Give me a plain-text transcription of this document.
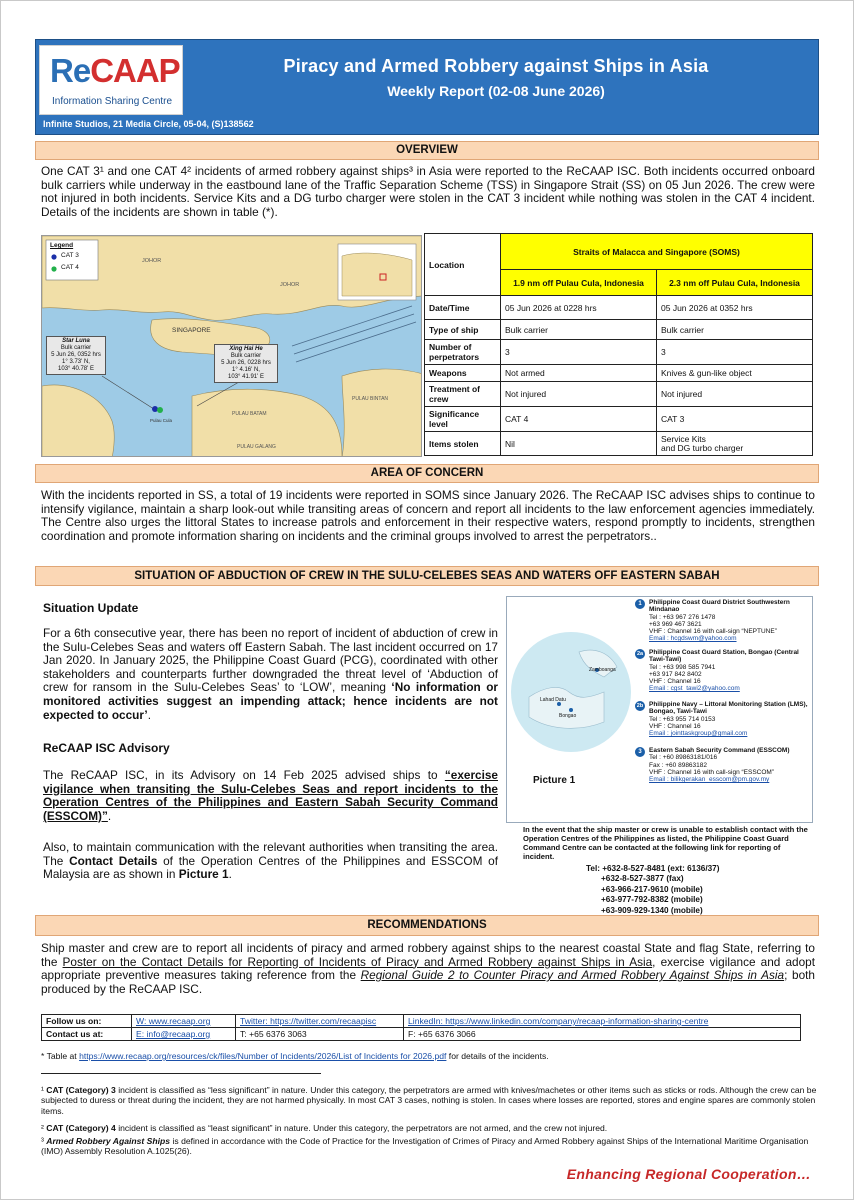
ReCAAP
Information Sharing Centre
Piracy and Armed Robbery against Ships in Asia
Weekly Report (02-08 June 2026)
Infinite Studios, 21 Media Circle, 05-04, (S)138562
OVERVIEW
One CAT 3¹ and one CAT 4² incidents of armed robbery against ships³ in Asia were reported to the ReCAAP ISC. Both incidents occurred onboard bulk carriers while underway in the eastbound lane of the Traffic Separation Scheme (TSS) in Singapore Strait (SS) on 05 Jun 2026. The crew were not injured in both incidents. Service Kits and a DG turbo charger were stolen in the CAT 3 incident while nothing was stolen in the CAT 4 incident. Details of the incidents are shown in table (*).
Legend
CAT 3
CAT 4
JOHOR
JOHOR
SINGAPORE
PULAU BATAM
PULAU BINTAN
PULAU GALANG
Pulau Cula
Star Luna
Bulk carrier
5 Jun 26, 0352 hrs
1° 3.73' N,
103° 40.78' E
Xing Hai He
Bulk carrier
5 Jun 26, 0228 hrs
1° 4.16' N,
103° 41.91' E
Location	Straits of Malacca and Singapore (SOMS)	
	1.9 nm off Pulau Cula, Indonesia	2.3 nm off Pulau Cula, Indonesia
Date/Time	05 Jun 2026 at 0228 hrs	05 Jun 2026 at 0352 hrs
Type of ship	Bulk carrier	Bulk carrier
Number of perpetrators	3	3
Weapons	Not armed	Knives & gun-like object
Treatment of crew	Not injured	Not injured
Significance level	CAT 4	CAT 3
Items stolen	Nil	Service Kits
and DG turbo charger
AREA OF CONCERN
With the incidents reported in SS, a total of 19 incidents were reported in SOMS since January 2026. The ReCAAP ISC advises ships to continue to intensify vigilance, maintain a sharp look-out while transiting areas of concern and report all incidents to the law enforcement agencies immediately. The Centre also urges the littoral States to increase patrols and enforcement in their respective waters, respond promptly to incidents, strengthen coordination and promote information sharing on incidents and the criminal groups involved to arrest the perpetrators..
SITUATION OF ABDUCTION OF CREW IN THE SULU-CELEBES SEAS AND WATERS OFF EASTERN SABAH
Situation Update
For a 6th consecutive year, there has been no report of incident of abduction of crew in the Sulu-Celebes Seas and waters off Eastern Sabah. The last incident occurred on 17 Jan 2020. In January 2025, the Philippine Coast Guard (PCG), coordinated with other stakeholders and counterparts further downgraded the threat level of ‘Abduction of crew for ransom in the Sulu-Celebes Seas’ to ‘LOW’, meaning ‘No information or monitored activities suggest an impending attack; hence incidents are not expected to occur’.
ReCAAP ISC Advisory
The ReCAAP ISC, in its Advisory on 14 Feb 2025 advised ships to “exercise vigilance when transiting the Sulu-Celebes Seas and report incidents to the Operation Centres of the Philippines and Eastern Sabah Security Command (ESSCOM)”.
Also, to maintain communication with the relevant authorities when transiting the area. The Contact Details of the Operation Centres of the Philippines and ESSCOM of Malaysia are as shown in Picture 1.
Zamboanga
Lahad Datu
Bongao
Picture 1
1	Philippine Coast Guard District Southwestern Mindanao
Tel : +63 967 276 1478
+63 969 467 3621
VHF : Channel 16 with call-sign “NEPTUNE”
Email : hcgdswm@yahoo.com
2a Philippine Coast Guard Station, Bongao (Central Tawi-Tawi)
Tel : +63 998 585 7941
+63 917 842 8402
VHF : Channel 16
Email : cgst_tawi2@yahoo.com
2b Philippine Navy – Littoral Monitoring Station (LMS), Bongao, Tawi-Tawi
Tel : +63 955 714 0153
VHF : Channel 16
Email : jointtaskgroup@gmail.com
3	Eastern Sabah Security Command (ESSCOM)
Tel : +60 89863181/016
Fax : +60 89863182
VHF : Channel 16 with call-sign “ESSCOM”
Email : bilikgerakan_esscom@pm.gov.my
In the event that the ship master or crew is unable to establish contact with the Operation Centres of the Philippines as listed, the Philippine Coast Guard Command Centre can be contacted at the following link for reporting of incident.
Tel: +632-8-527-8481 (ext: 6136/37)
+632-8-527-3877 (fax)
+63-966-217-9610 (mobile)
+63-977-792-8382 (mobile)
+63-909-929-1340 (mobile)
RECOMMENDATIONS
Ship master and crew are to report all incidents of piracy and armed robbery against ships to the nearest coastal State and flag State, referring to the Poster on the Contact Details for Reporting of Incidents of Piracy and Armed Robbery against Ships in Asia, exercise vigilance and adopt appropriate preventive measures taking reference from the Regional Guide 2 to Counter Piracy and Armed Robbery Against Ships in Asia; both produced by the ReCAAP ISC.
Follow us on:	W: www.recaap.org	Twitter: https://twitter.com/recaapisc	LinkedIn: https://www.linkedin.com/company/recaap-information-sharing-centre
Contact us at:	E: info@recaap.org	T: +65 6376 3063	F: +65 6376 3066
* Table at https://www.recaap.org/resources/ck/files/Number of Incidents/2026/List of Incidents for 2026.pdf for details of the incidents.
¹ CAT (Category) 3 incident is classified as “less significant” in nature. Under this category, the perpetrators are armed with knives/machetes or other items such as sticks or rods. Although the crew can be subjected to duress or threat during the incident, they are not harmed physically. In most CAT 3 cases, nothing is stolen. In cases where losses are reported, stores and engine spares are commonly stolen items.
² CAT (Category) 4 incident is classified as “least significant” in nature. Under this category, the perpetrators are not armed, and the crew not injured.
³ Armed Robbery Against Ships is defined in accordance with the Code of Practice for the Investigation of Crimes of Piracy and Armed Robbery against Ships of the International Maritime Organisation (IMO) Assembly Resolution A.1025(26).
Enhancing Regional Cooperation…
